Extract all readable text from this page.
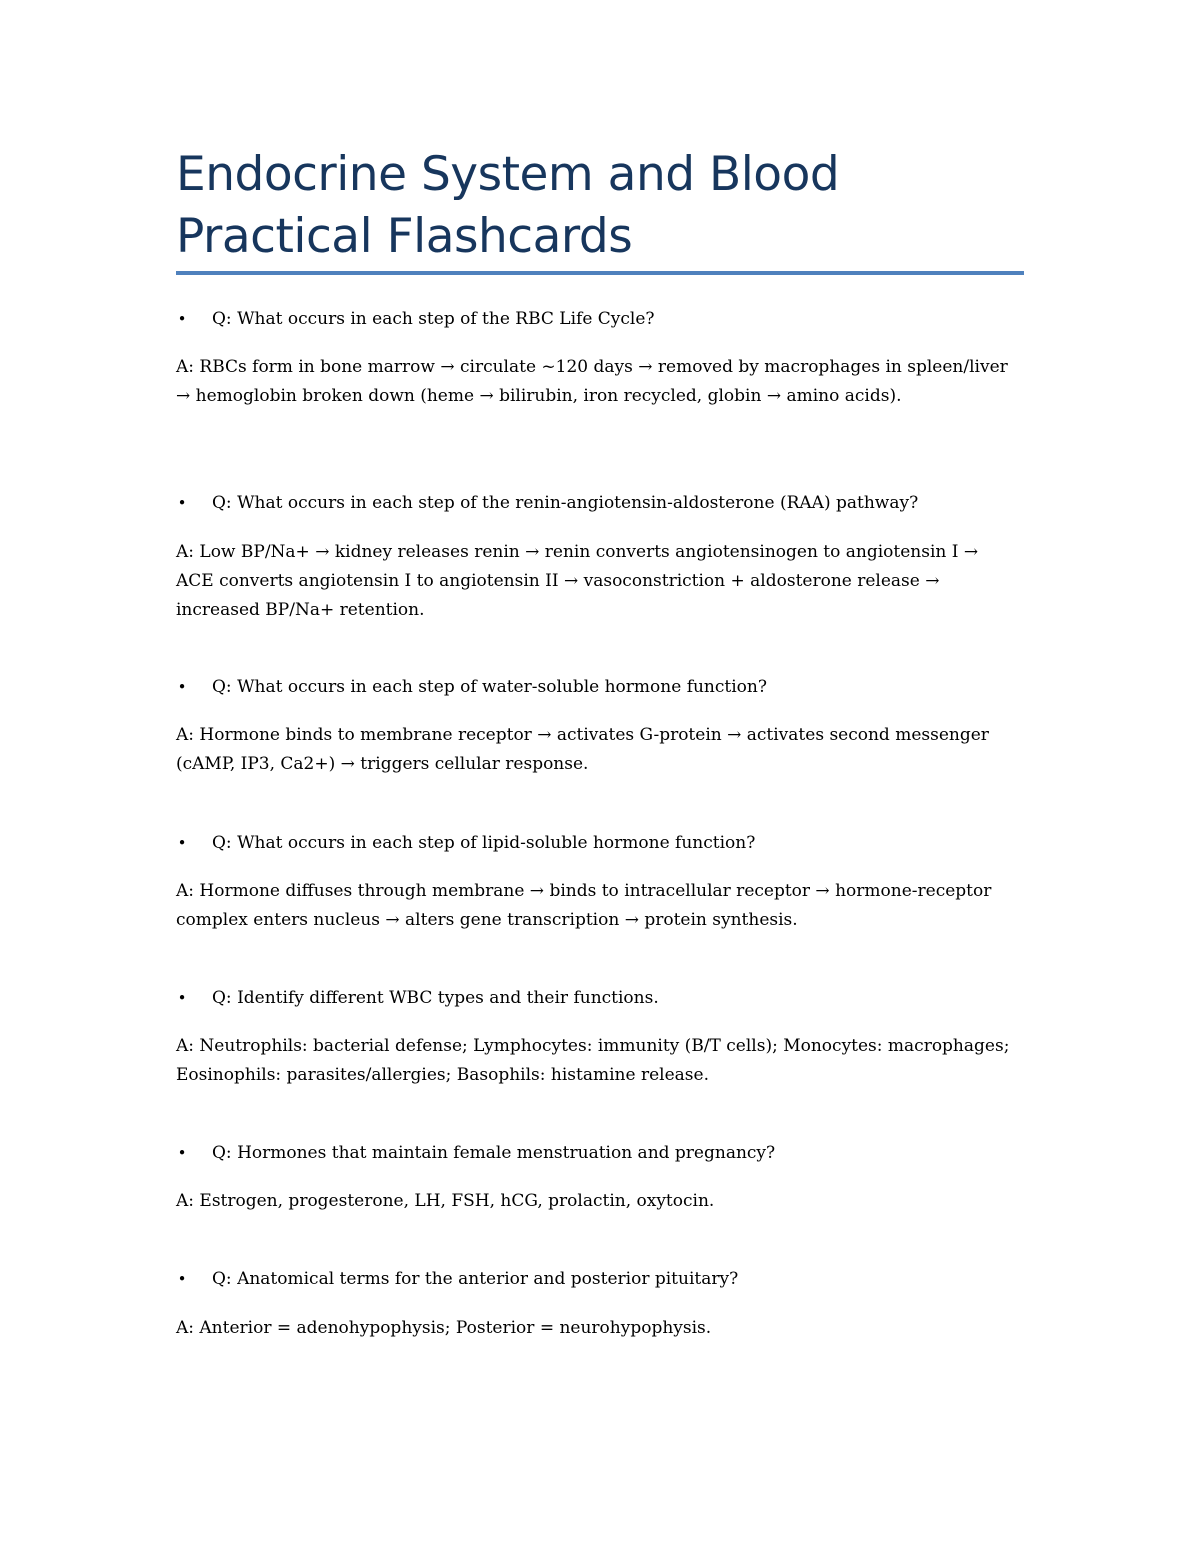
Endocrine System and Blood Practical Flashcards
• Q: What occurs in each step of the RBC Life Cycle?

A: RBCs form in bone marrow → circulate ~120 days → removed by macrophages in spleen/liver → hemoglobin broken down (heme → bilirubin, iron recycled, globin → amino acids).

• Q: What occurs in each step of the renin-angiotensin-aldosterone (RAA) pathway?

A: Low BP/Na+ → kidney releases renin → renin converts angiotensinogen to angiotensin I → ACE converts angiotensin I to angiotensin II → vasoconstriction + aldosterone release → increased BP/Na+ retention.

• Q: What occurs in each step of water-soluble hormone function?

A: Hormone binds to membrane receptor → activates G-protein → activates second messenger (cAMP, IP3, Ca2+) → triggers cellular response.

• Q: What occurs in each step of lipid-soluble hormone function?

A: Hormone diffuses through membrane → binds to intracellular receptor → hormone-receptor complex enters nucleus → alters gene transcription → protein synthesis.

• Q: Identify different WBC types and their functions.

A: Neutrophils: bacterial defense; Lymphocytes: immunity (B/T cells); Monocytes: macrophages; Eosinophils: parasites/allergies; Basophils: histamine release.

• Q: Hormones that maintain female menstruation and pregnancy?

A: Estrogen, progesterone, LH, FSH, hCG, prolactin, oxytocin.

• Q: Anatomical terms for the anterior and posterior pituitary?

A: Anterior = adenohypophysis; Posterior = neurohypophysis.
